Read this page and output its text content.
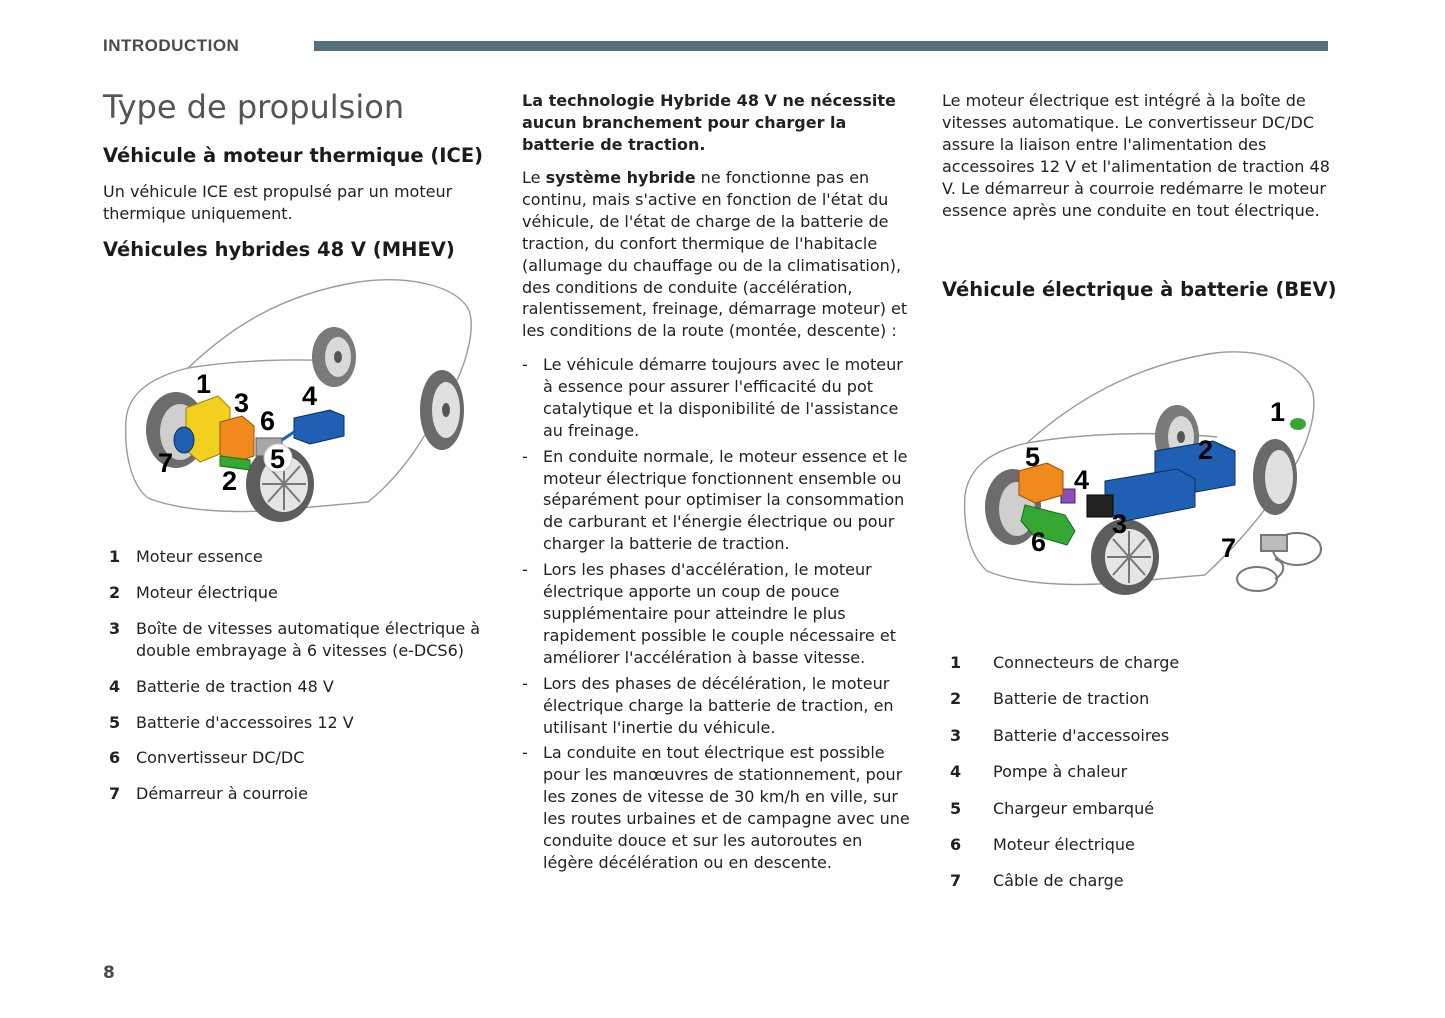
INTRODUCTION
Type de propulsion
Véhicule à moteur thermique (ICE)

Un véhicule ICE est propulsé par un moteur thermique uniquement.

Véhicules hybrides 48 V (MHEV)
1
2
3 4
5
6
7
1 Moteur essence
2 Moteur électrique
3 Boîte de vitesses automatique électrique à double embrayage à 6 vitesses (e-DCS6)
4 Batterie de traction 48 V
5 Batterie d'accessoires 12 V
6 Convertisseur DC/DC
7 Démarreur à courroie

La technologie Hybride 48 V ne nécessite aucun branchement pour charger la batterie de traction.

Le système hybride ne fonctionne pas en continu, mais s'active en fonction de l'état du véhicule, de l'état de charge de la batterie de traction, du confort thermique de l'habitacle (allumage du chauffage ou de la climatisation), des conditions de conduite (accélération, ralentissement, freinage, démarrage moteur) et les conditions de la route (montée, descente) :

- Le véhicule démarre toujours avec le moteur à essence pour assurer l'efficacité du pot catalytique et la disponibilité de l'assistance au freinage.
- En conduite normale, le moteur essence et le moteur électrique fonctionnent ensemble ou séparément pour optimiser la consommation de carburant et l'énergie électrique ou pour charger la batterie de traction.
- Lors les phases d'accélération, le moteur électrique apporte un coup de pouce supplémentaire pour atteindre le plus rapidement possible le couple nécessaire et améliorer l'accélération à basse vitesse.
- Lors des phases de décélération, le moteur électrique charge la batterie de traction, en utilisant l'inertie du véhicule.
- La conduite en tout électrique est possible pour les manœuvres de stationnement, pour les zones de vitesse de 30 km/h en ville, sur les routes urbaines et de campagne avec une conduite douce et sur les autoroutes en légère décélération ou en descente.

Le moteur électrique est intégré à la boîte de vitesses automatique. Le convertisseur DC/DC assure la liaison entre l'alimentation des accessoires 12 V et l'alimentation de traction 48 V. Le démarreur à courroie redémarre le moteur essence après une conduite en tout électrique.

Véhicule électrique à batterie (BEV)
1
2
3
4
5
6	7
1	Connecteurs de charge
2	Batterie de traction
3	Batterie d'accessoires
4	Pompe à chaleur
5	Chargeur embarqué
6	Moteur électrique
7	Câble de charge
8
